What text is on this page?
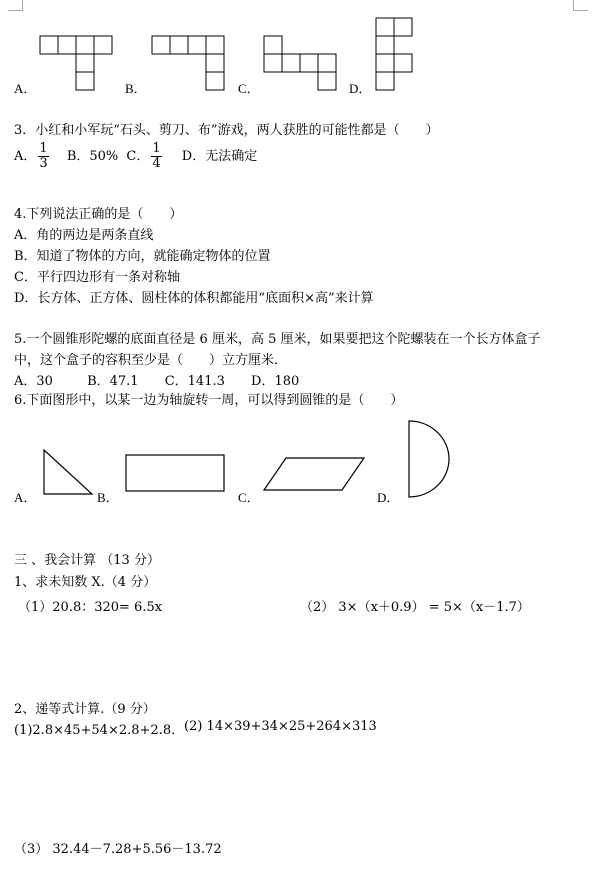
A．	B．	C．	D．
3．小红和小军玩“石头、剪刀、布”游戏，两人获胜的可能性都是（　　）
A． $\frac{1}{3}$ B．50% C． $\frac{1}{4}$ D．无法确定
4.下列说法正确的是（　　）
A．角的两边是两条直线
B．知道了物体的方向，就能确定物体的位置
C．平行四边形有一条对称轴
D．长方体、正方体、圆柱体的体积都能用“底面积×高”来计算
5.一个圆锥形陀螺的底面直径是 6 厘米，高 5 厘米，如果要把这个陀螺装在一个长方体盒子
中，这个盒子的容积至少是（　　）立方厘米．
A．30	B．47.1 C．141.3 D．180
6.下面图形中，以某一边为轴旋转一周，可以得到圆锥的是（　　）
A．	B．	C．	D．
三 、我会计算 （13 分）
1、求未知数 X.（4 分）
（1）20.8：320= 6.5x	（2） 3×（x＋0.9） = 5×（x－1.7）
2、递等式计算.（9 分）
(1)2.8×45+54×2.8+2.8． (2) 14×39+34×25+264×313
（3） 32.44－7.28+5.56－13.72
